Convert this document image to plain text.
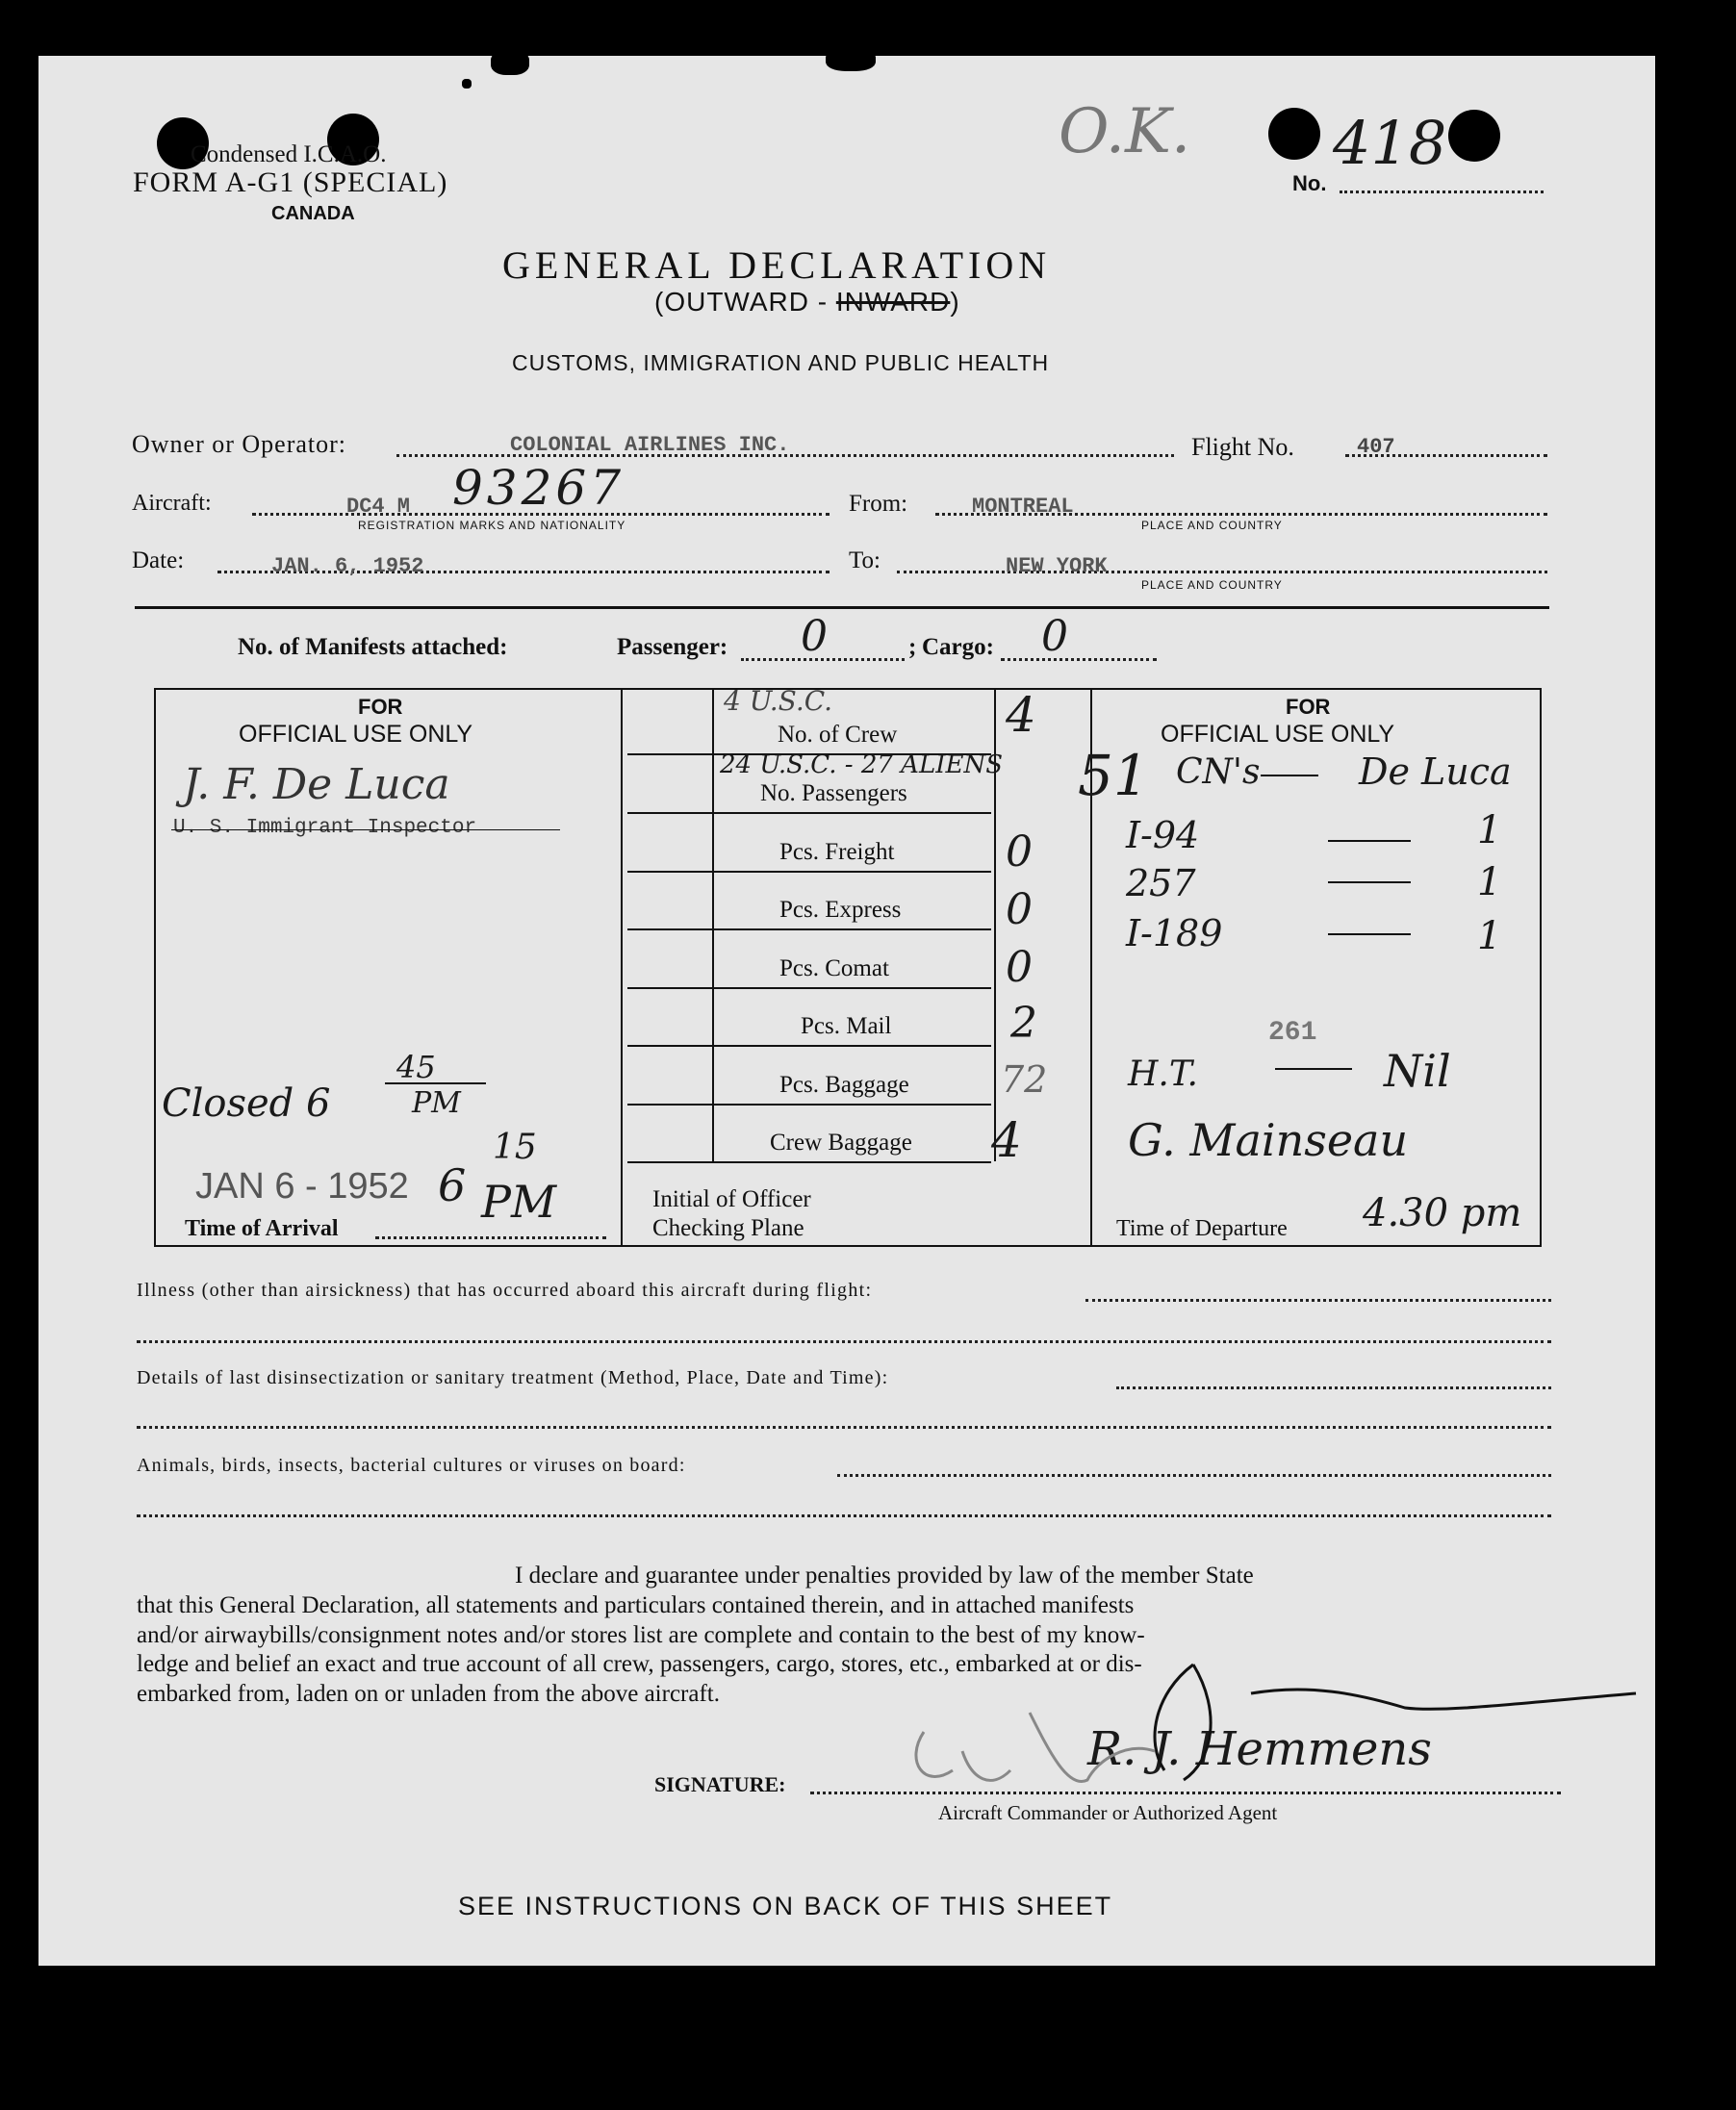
Condensed I.C.A.O.
FORM A-G1 (SPECIAL)
CANADA
O.K.
No.
418
GENERAL DECLARATION
(OUTWARD - INWARD)
CUSTOMS, IMMIGRATION AND PUBLIC HEALTH
Owner or Operator:	COLONIAL AIRLINES INC.	Flight No.	407
Aircraft:	DC4 M 93267
REGISTRATION MARKS AND NATIONALITY
From:	MONTREAL
PLACE AND COUNTRY
Date:	JAN. 6, 1952	To:	NEW YORK
PLACE AND COUNTRY
No. of Manifests attached:	Passenger: 0	; Cargo: 0
FOR
OFFICIAL USE ONLY
J. F. De Luca
U. S. Immigrant Inspector
Closed 6
45
PM
JAN 6 - 1952 6
15
PM
Time of Arrival
4 U.S.C.
No. of Crew 4
24 U.S.C. - 27 ALIENS
No. Passengers	51
Pcs. Freight	0
Pcs. Express 0
Pcs. Comat	0
Pcs. Mail	2
Pcs. Baggage	72
Crew Baggage 4
Initial of Officer
Checking Plane
FOR
OFFICIAL USE ONLY
CN's	De Luca
I-94	1
257	1
I-189	1
H.T.
261
Nil
G. Mainseau
Time of Departure 4.30 pm
Illness (other than airsickness) that has occurred aboard this aircraft during flight:
Details of last disinsectization or sanitary treatment (Method, Place, Date and Time):
Animals, birds, insects, bacterial cultures or viruses on board:
I declare and guarantee under penalties provided by law of the member State
that this General Declaration, all statements and particulars contained therein, and in attached manifests
and/or airwaybills/consignment notes and/or stores list are complete and contain to the best of my know-
ledge and belief an exact and true account of all crew, passengers, cargo, stores, etc., embarked at or dis-
embarked from, laden on or unladen from the above aircraft.
SIGNATURE:
R. J. Hemmens
Aircraft Commander or Authorized Agent
SEE INSTRUCTIONS ON BACK OF THIS SHEET
